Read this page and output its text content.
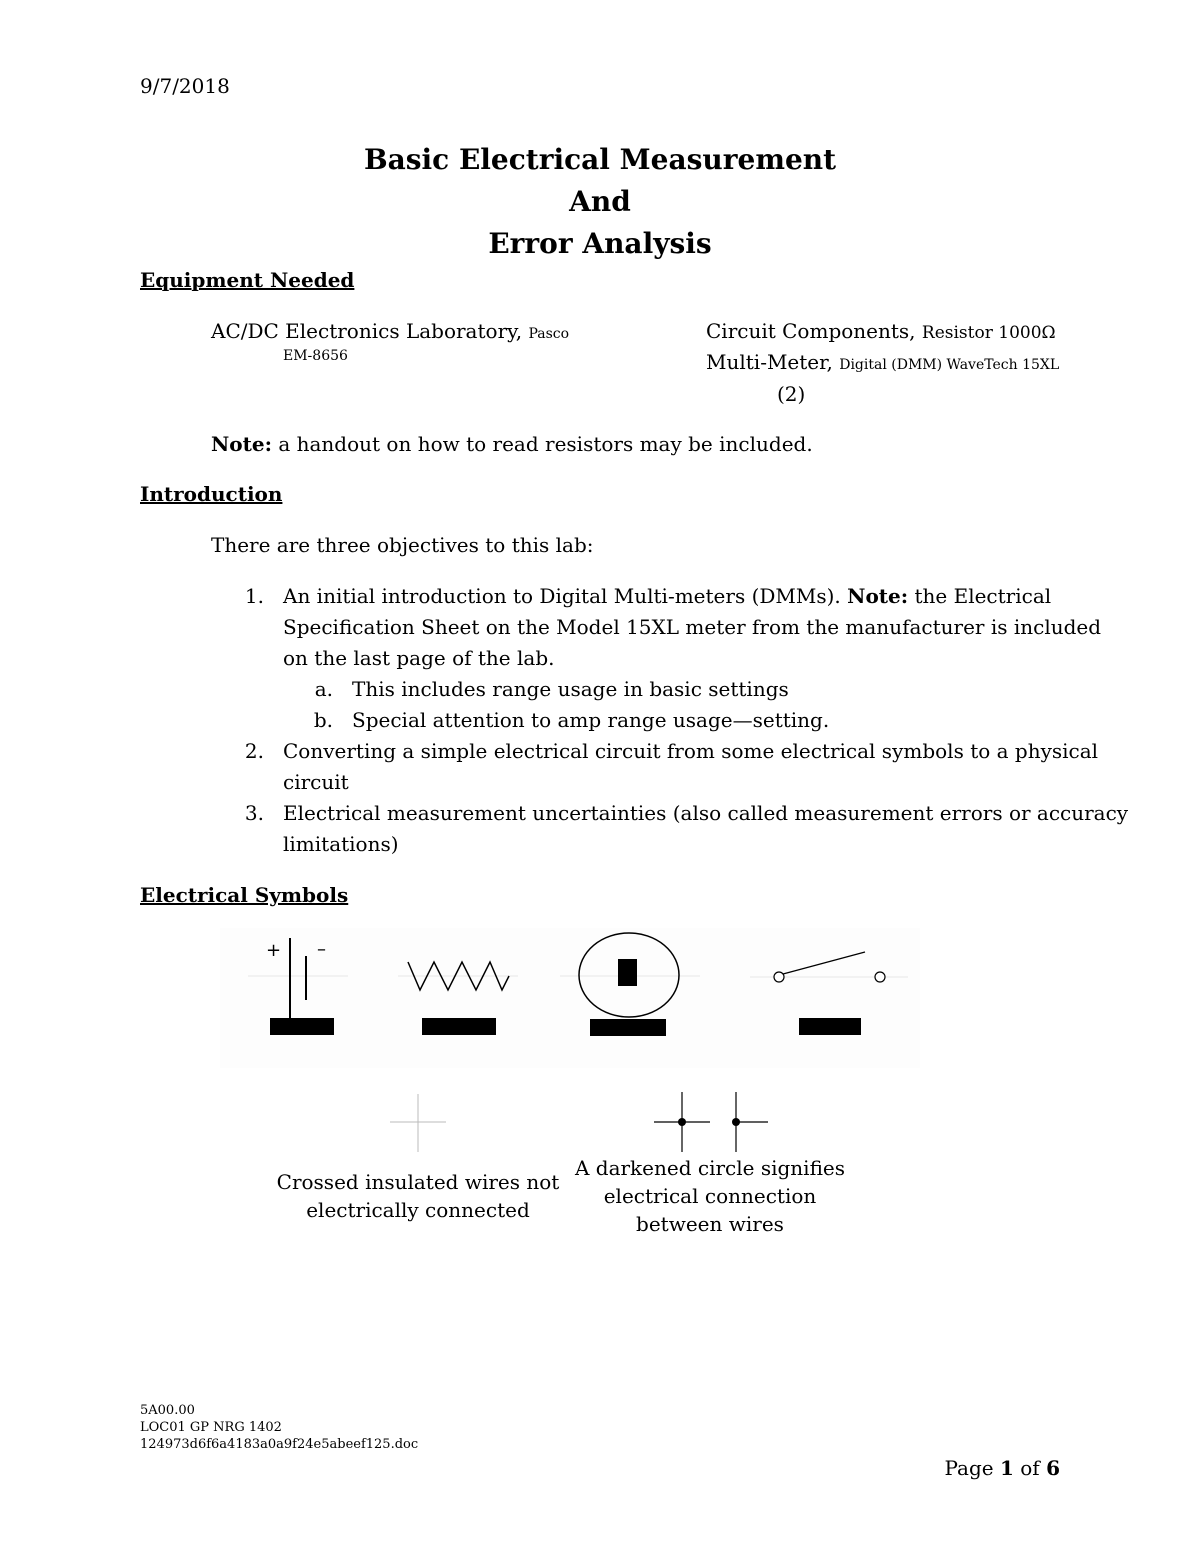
9/7/2018
Basic Electrical Measurement
And
Error Analysis
Equipment Needed
AC/DC Electronics Laboratory, Pasco
EM-8656
Circuit Components, Resistor 1000Ω
Multi-Meter, Digital (DMM) WaveTech 15XL
(2)
Note: a handout on how to read resistors may be included.
Introduction
There are three objectives to this lab:
1. An initial introduction to Digital Multi-meters (DMMs). Note: the Electrical
Specification Sheet on the Model 15XL meter from the manufacturer is included
on the last page of the lab.
a. This includes range usage in basic settings
b. Special attention to amp range usage—setting.
2. Converting a simple electrical circuit from some electrical symbols to a physical
circuit
3. Electrical measurement uncertainties (also called measurement errors or accuracy
limitations)
Electrical Symbols
+ –
Crossed insulated wires not
electrically connected
A darkened circle signifies
electrical connection
between wires
5A00.00
LOC01 GP NRG 1402
124973d6f6a4183a0a9f24e5abeef125.doc
Page 1 of 6
